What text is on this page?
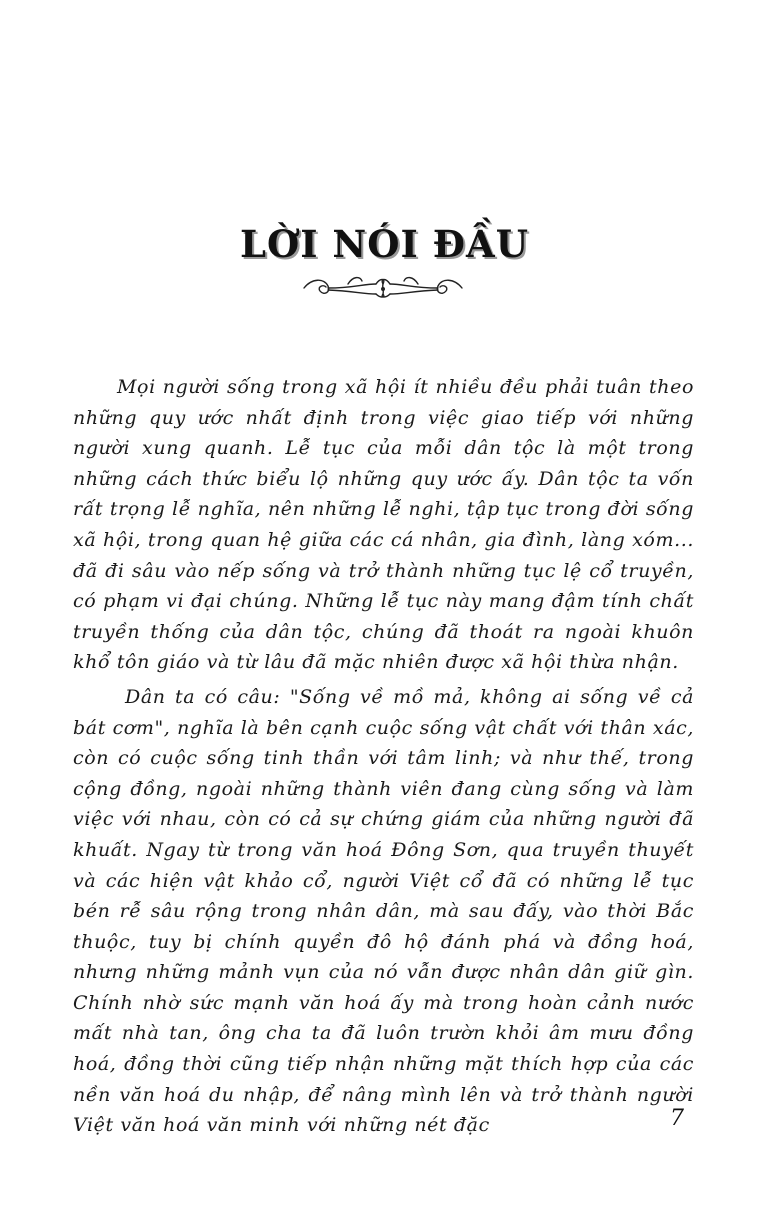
LỜI NÓI ĐẦU

Mọi người sống trong xã hội ít nhiều đều phải tuân theo những quy ước nhất định trong việc giao tiếp với những người xung quanh. Lễ tục của mỗi dân tộc là một trong những cách thức biểu lộ những quy ước ấy. Dân tộc ta vốn rất trọng lễ nghĩa, nên những lễ nghi, tập tục trong đời sống xã hội, trong quan hệ giữa các cá nhân, gia đình, làng xóm... đã đi sâu vào nếp sống và trở thành những tục lệ cổ truyền, có phạm vi đại chúng. Những lễ tục này mang đậm tính chất truyền thống của dân tộc, chúng đã thoát ra ngoài khuôn khổ tôn giáo và từ lâu đã mặc nhiên được xã hội thừa nhận.

Dân ta có câu: "Sống về mồ mả, không ai sống về cả bát cơm", nghĩa là bên cạnh cuộc sống vật chất với thân xác, còn có cuộc sống tinh thần với tâm linh; và như thế, trong cộng đồng, ngoài những thành viên đang cùng sống và làm việc với nhau, còn có cả sự chứng giám của những người đã khuất. Ngay từ trong văn hoá Đông Sơn, qua truyền thuyết và các hiện vật khảo cổ, người Việt cổ đã có những lễ tục bén rễ sâu rộng trong nhân dân, mà sau đấy, vào thời Bắc thuộc, tuy bị chính quyền đô hộ đánh phá và đồng hoá, nhưng những mảnh vụn của nó vẫn được nhân dân giữ gìn. Chính nhờ sức mạnh văn hoá ấy mà trong hoàn cảnh nước mất nhà tan, ông cha ta đã luôn trườn khỏi âm mưu đồng hoá, đồng thời cũng tiếp nhận những mặt thích hợp của các nền văn hoá du nhập, để nâng mình lên và trở thành người Việt văn hoá văn minh với những nét đặc	7
